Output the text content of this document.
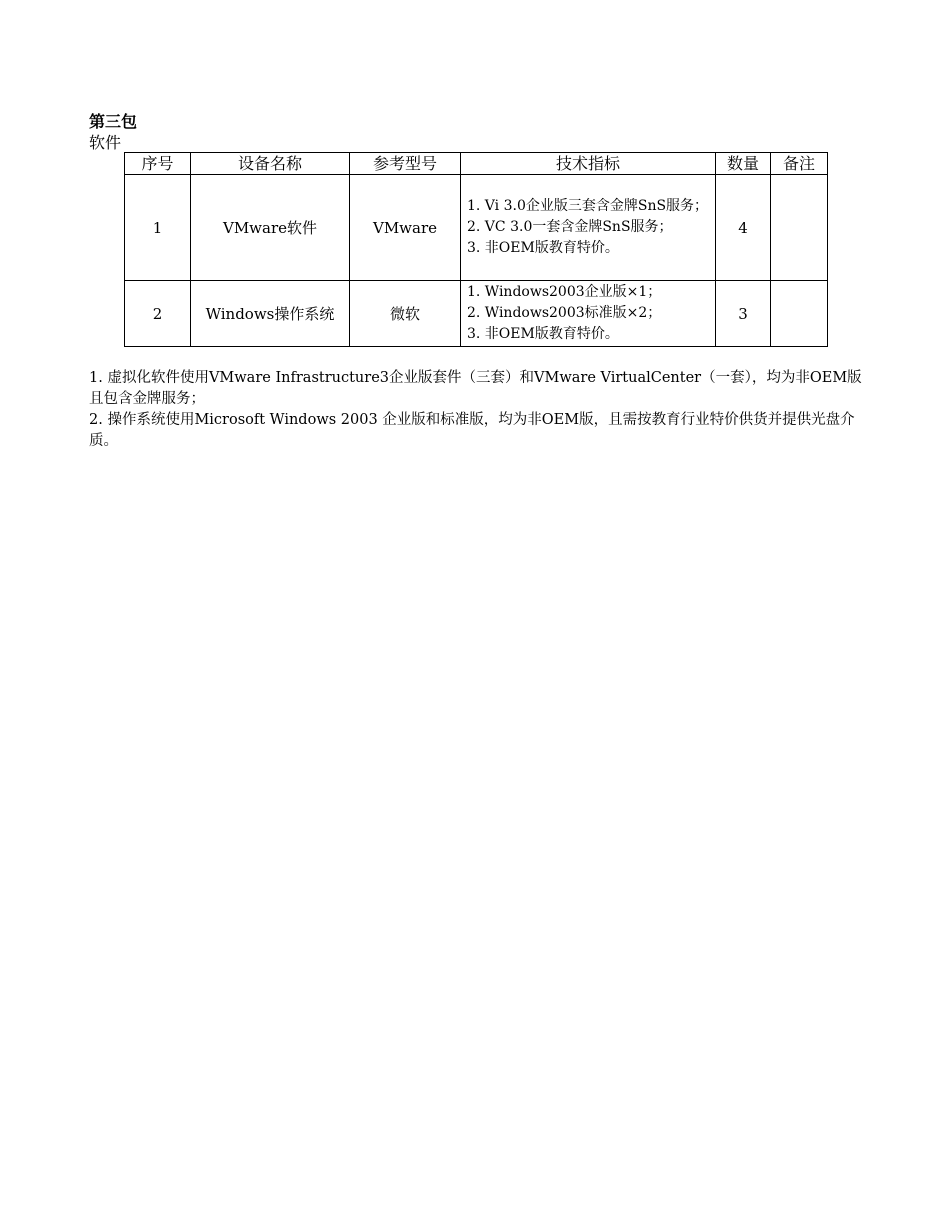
第三包
软件
序号	设备名称	参考型号	技术指标	数量	备注
1	VMware软件	VMware	1. Vi 3.0企业版三套含金牌SnS服务；
2. VC 3.0一套含金牌SnS服务；
3. 非OEM版教育特价。	4	
2	Windows操作系统	微软	1. Windows2003企业版×1；
2. Windows2003标准版×2；
3. 非OEM版教育特价。	3	

1. 虚拟化软件使用VMware Infrastructure3企业版套件（三套）和VMware VirtualCenter（一套），均为非OEM版且包含金牌服务；

2. 操作系统使用Microsoft Windows 2003 企业版和标准版，均为非OEM版，且需按教育行业特价供货并提供光盘介质。
